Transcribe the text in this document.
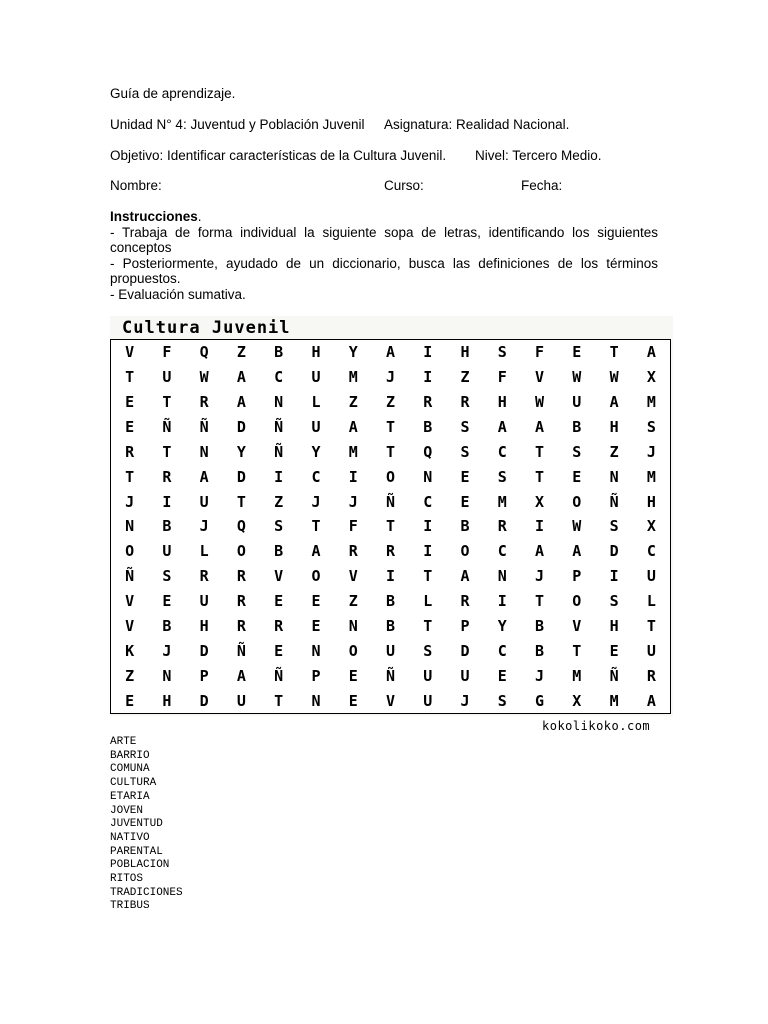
Guía de aprendizaje.
Unidad N° 4: Juventud y Población Juvenil Asignatura: Realidad Nacional.
Objetivo: Identificar características de la Cultura Juvenil. Nivel: Tercero Medio.
Nombre:	Curso:	Fecha:
Instrucciones.
- Trabaja de forma individual la siguiente sopa de letras, identificando los siguientes conceptos
- Posteriormente, ayudado de un diccionario, busca las definiciones de los términos propuestos.
- Evaluación sumativa.
Cultura Juvenil
V	F	Q	Z	B	H	Y	A	I	H	S	F	E	T	A
T	U	W	A	C	U	M	J	I	Z	F	V	W	W	X
E	T	R	A	N	L	Z	Z	R	R	H	W	U	A	M
E	Ñ	Ñ	D	Ñ	U	A	T	B	S	A	A	B	H	S
R	T	N	Y	Ñ	Y	M	T	Q	S	C	T	S	Z	J
T	R	A	D	I	C	I	O	N	E	S	T	E	N	M
J	I	U	T	Z	J	J	Ñ	C	E	M	X	O	Ñ	H
N	B	J	Q	S	T	F	T	I	B	R	I	W	S	X
O	U	L	O	B	A	R	R	I	O	C	A	A	D	C
Ñ	S	R	R	V	O	V	I	T	A	N	J	P	I	U
V	E	U	R	E	E	Z	B	L	R	I	T	O	S	L
V	B	H	R	R	E	N	B	T	P	Y	B	V	H	T
K	J	D	Ñ	E	N	O	U	S	D	C	B	T	E	U
Z	N	P	A	Ñ	P	E	Ñ	U	U	E	J	M	Ñ	R
E	H	D	U	T	N	E	V	U	J	S	G	X	M	A
kokolikoko.com
ARTE
BARRIO
COMUNA
CULTURA
ETARIA
JOVEN
JUVENTUD
NATIVO
PARENTAL
POBLACION
RITOS
TRADICIONES
TRIBUS
